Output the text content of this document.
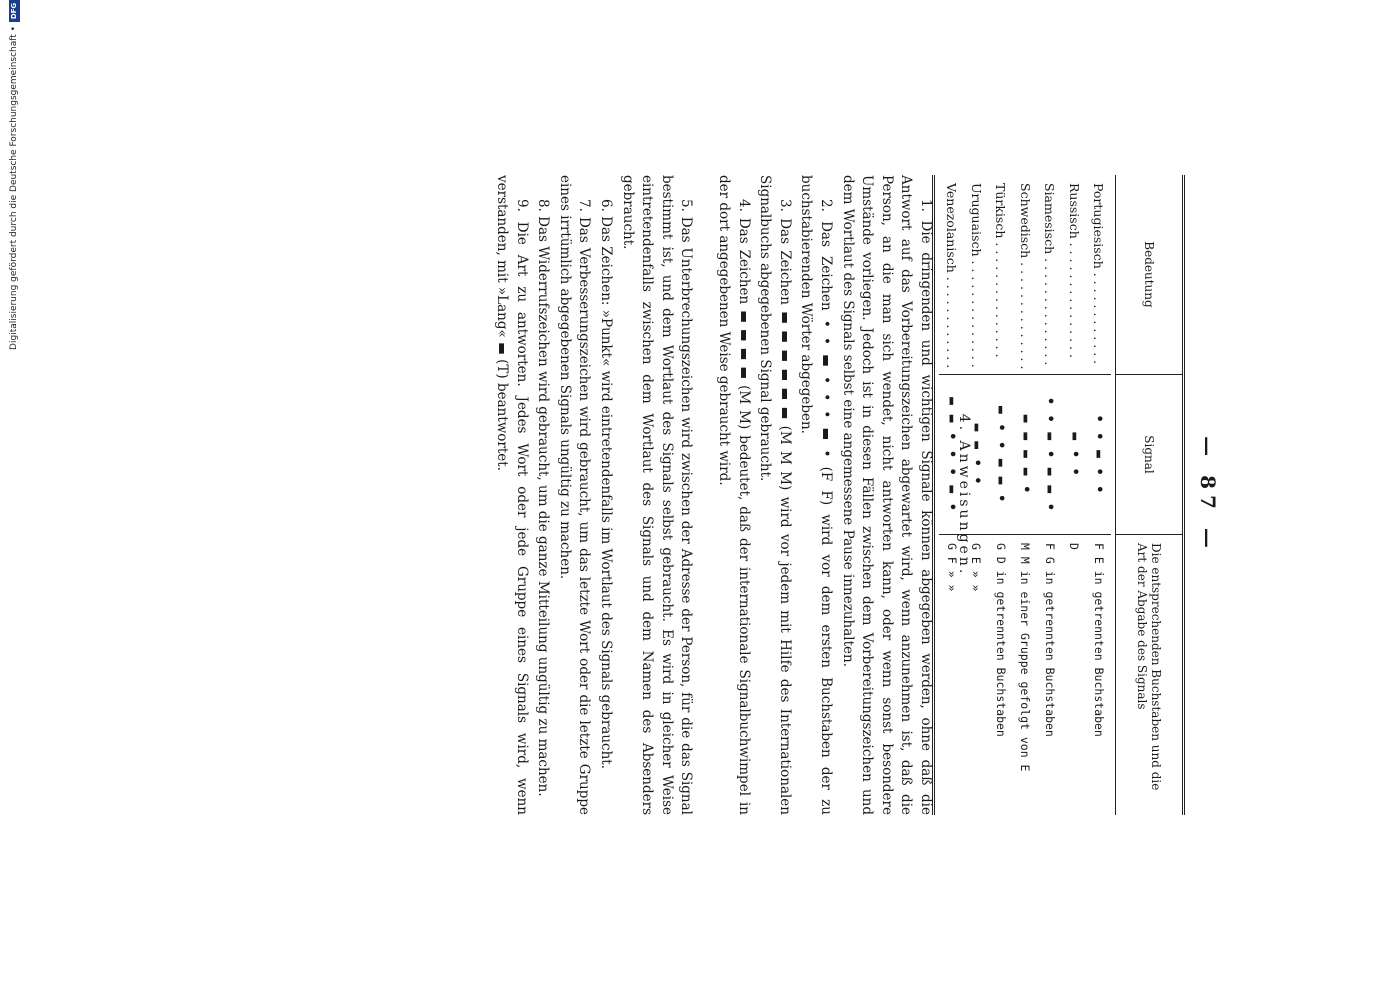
Digitalisierung gefördert durch die Deutsche Forschungsgemeinschaft •
DFG
— 87 —
Bedeutung
Signal
Die entsprechenden Buchstaben und die Art der Abgabe des Signals
Portugiesisch . . . . . . . . . . . .
• • ▬ • •
F E in getrennten Buchstaben
Russisch . . . . . . . . . . . . . . .
▬ • •
D
Siamesisch . . . . . . . . . . . . . .
• • ▬ • ▬ ▬ •
F G in getrennten Buchstaben
Schwedisch . . . . . . . . . . . . . .
▬ ▬ ▬ ▬ •
M M in einer Gruppe gefolgt von E
Türkisch . . . . . . . . . . . . . . .
▬ • • ▬ ▬ •
G D in getrennten Buchstaben
Uruguaisch . . . . . . . . . . . . . .
▬ ▬ • •
G E » »
Venezolanisch . . . . . . . . . . . .
▬ ▬ • • • ▬ •
G F » »
4. Anweisungen.

1. Die dringenden und wichtigen Signale können abgegeben werden, ohne daß die Antwort auf das Vorbereitungszeichen abgewartet wird, wenn anzunehmen ist, daß die Person, an die man sich wendet, nicht antworten kann, oder wenn sonst besondere Umstände vorliegen. Jedoch ist in diesen Fällen zwischen dem Vorbereitungszeichen und dem Wortlaut des Signals selbst eine angemessene Pause innezuhalten.

2. Das Zeichen • • ▬ • • • ▬ • (F F) wird vor dem ersten Buchstaben der zu buchstabierenden Wörter abgegeben.

3. Das Zeichen ▬ ▬ ▬ ▬ ▬ ▬ (M M M) wird vor jedem mit Hilfe des Internationalen Signalbuchs abgegebenen Signal gebraucht.

4. Das Zeichen ▬ ▬ ▬ ▬ (M M) bedeutet, daß der internationale Signalbuchwimpel in der dort angegebenen Weise gebraucht wird.

5. Das Unterbrechungszeichen wird zwischen der Adresse der Person, für die das Signal bestimmt ist, und dem Wortlaut des Signals selbst gebraucht. Es wird in gleicher Weise eintretendenfalls zwischen dem Wortlaut des Signals und dem Namen des Absenders gebraucht.

6. Das Zeichen: »Punkt« wird eintretendenfalls im Wortlaut des Signals gebraucht.

7. Das Verbesserungszeichen wird gebraucht, um das letzte Wort oder die letzte Gruppe eines irrtümlich abgegebenen Signals ungültig zu machen.

8. Das Widerrufszeichen wird gebraucht, um die ganze Mitteilung ungültig zu machen.

9. Die Art zu antworten. Jedes Wort oder jede Gruppe eines Signals wird, wenn verstanden, mit »Lang« ▬ (T) beantwortet.
